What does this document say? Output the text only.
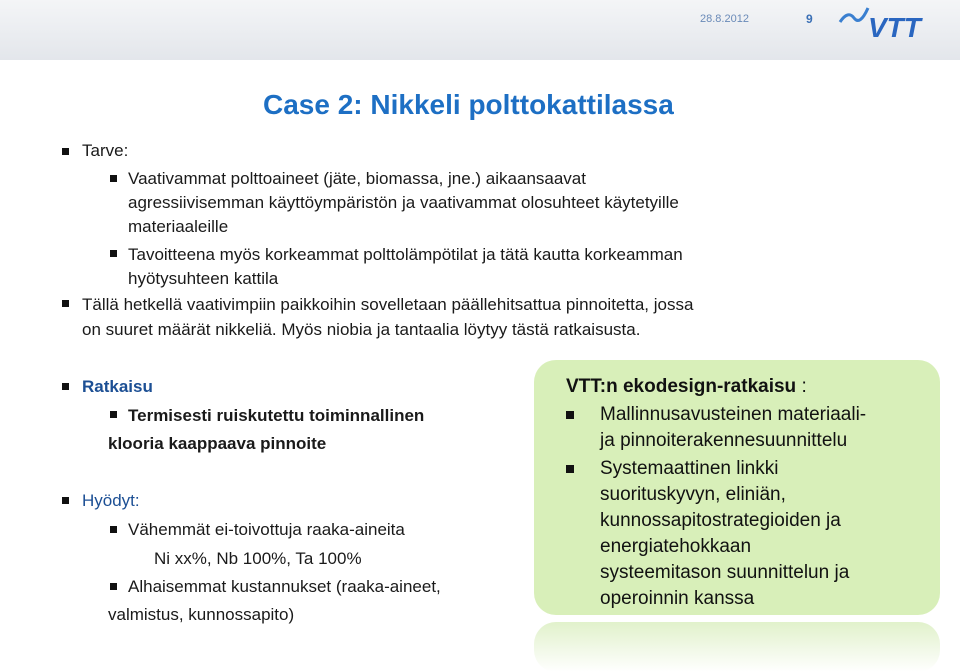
28.8.2012	9 VTT
Case 2: Nikkeli polttokattilassa
Tarve:
Vaativammat polttoaineet (jäte, biomassa, jne.) aikaansaavat
agressiivisemman käyttöympäristön ja vaativammat olosuhteet käytetyille
materiaaleille
Tavoitteena myös korkeammat polttolämpötilat ja tätä kautta korkeamman
hyötysuhteen kattila
Tällä hetkellä vaativimpiin paikkoihin sovelletaan päällehitsattua pinnoitetta, jossa
on suuret määrät nikkeliä. Myös niobia ja tantaalia löytyy tästä ratkaisusta.
Ratkaisu
Termisesti ruiskutettu toiminnallinen
klooria kaappaava pinnoite
Hyödyt:
Vähemmät ei-toivottuja raaka-aineita
Ni xx%, Nb 100%, Ta 100%
Alhaisemmat kustannukset (raaka-aineet,
valmistus, kunnossapito)
VTT:n ekodesign-ratkaisu :
Mallinnusavusteinen materiaali-
ja pinnoiterakennesuunnittelu
Systemaattinen linkki
suorituskyvyn, eliniän,
kunnossapitostrategioiden ja
energiatehokkaan
systeemitason suunnittelun ja
operoinnin kanssa
